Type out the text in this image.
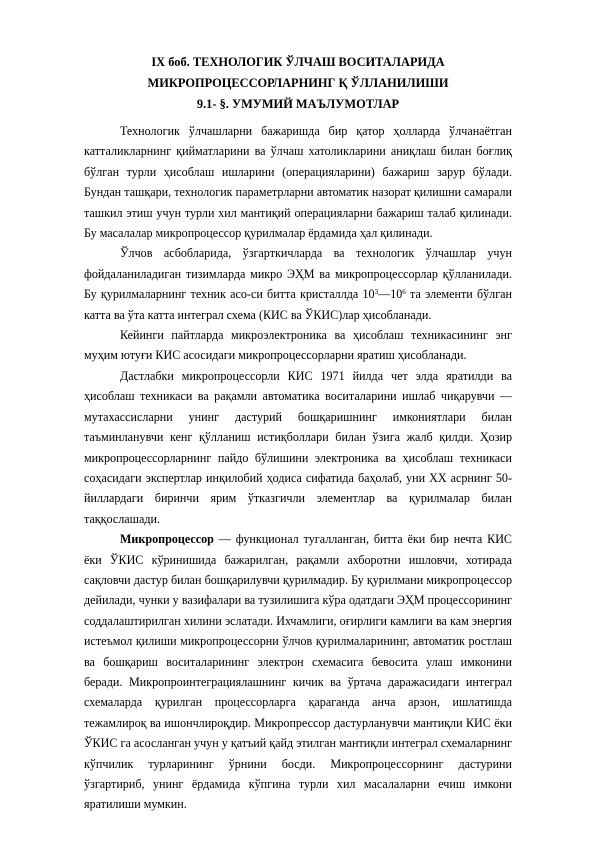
IX боб. ТЕХНОЛОГИК ЎЛЧАШ ВОСИТАЛАРИДА
МИКРОПРОЦЕССОРЛАРНИНГ Қ ЎЛЛАНИЛИШИ
9.1- §. УМУМИЙ МАЪЛУМОТЛАР

Технологик ўлчашларни бажаришда бир қатор ҳолларда ўлчанаётган катталикларнинг қийматларини ва ўлчаш хатоликларини аниқлаш билан боғлиқ бўлган турли ҳисоблаш ишларини (операцияларини) бажариш зарур бўлади. Бундан ташқари, технологик параметрларни автоматик назорат қилишни самарали ташкил этиш учун турли хил мантиқий операцияларни бажариш талаб қилинади. Бу масалалар микропроцессор қурилмалар ёрдамида ҳал қилинади.

Ўлчов асбобларида, ўзгарткичларда ва технологик ўлчашлар учун фойдаланиладиган тизимларда микро ЭҲМ ва микропроцессорлар қўлланилади. Бу қурилмаларнинг техник асо-си битта кристаллда $10^3—10^6$ та элементи бўлган катта ва ўта катта интеграл схема (КИС ва ЎКИС)лар ҳисобланади.

Кейинги пайтларда микроэлектроника ва ҳисоблаш техникасининг энг муҳим ютуғи КИС асосидаги микропроцессорларни яратиш ҳисобланади.

Дастлабки микропроцессорли КИС 1971 йилда чет элда яратилди ва ҳисоблаш техникаси ва рақамли автоматика воситаларини ишлаб чиқарувчи — мутахассисларни унинг дастурий бошқаришнинг имкониятлари билан таъминланувчи кенг қўлланиш истиқболлари билан ўзига жалб қилди. Ҳозир микропроцессорларнинг пайдо бўлишини электроника ва ҳисоблаш техникаси соҳасидаги экспертлар инқилобий ҳодиса сифатида баҳолаб, уни XX асрнинг 50-йиллардаги биринчи ярим ўтказгичли элементлар ва қурилмалар билан таққослашади.

Микропроцессор — функционал тугалланган, битта ёки бир нечта КИС ёки ЎКИС кўринишида бажарилган, рақамли ахборотни ишловчи, хотирада сақловчи дастур билан бошқарилувчи қурилмадир. Бу қурилмани микропроцессор дейилади, чунки у вазифалари ва тузилишига кўра одатдаги ЭҲМ процессорининг соддалаштирилган хилини эслатади. Ихчамлиги, оғирлиги камлиги ва кам энергия истеъмол қилиши микропроцессорни ўлчов қурилмаларининг, автоматик ростлаш ва бошқариш воситаларининг электрон схемасига бевосита улаш имконини беради. Микропроинтеграциялашнинг кичик ва ўртача даражасидаги интеграл схемаларда қурилган процессорларга қараганда анча арзон, ишлатишда тежамлироқ ва ишончлироқдир. Микропрессор дастурланувчи мантиқли КИС ёки ЎКИС га асосланган учун у қатъий қайд этилган мантиқли интеграл схемаларнинг кўпчилик турларининг ўрнини босди. Микропроцессорнинг дастурини ўзгартириб, унинг ёрдамида кўпгина турли хил масалаларни ечиш имкони яратилиши мумкин.
